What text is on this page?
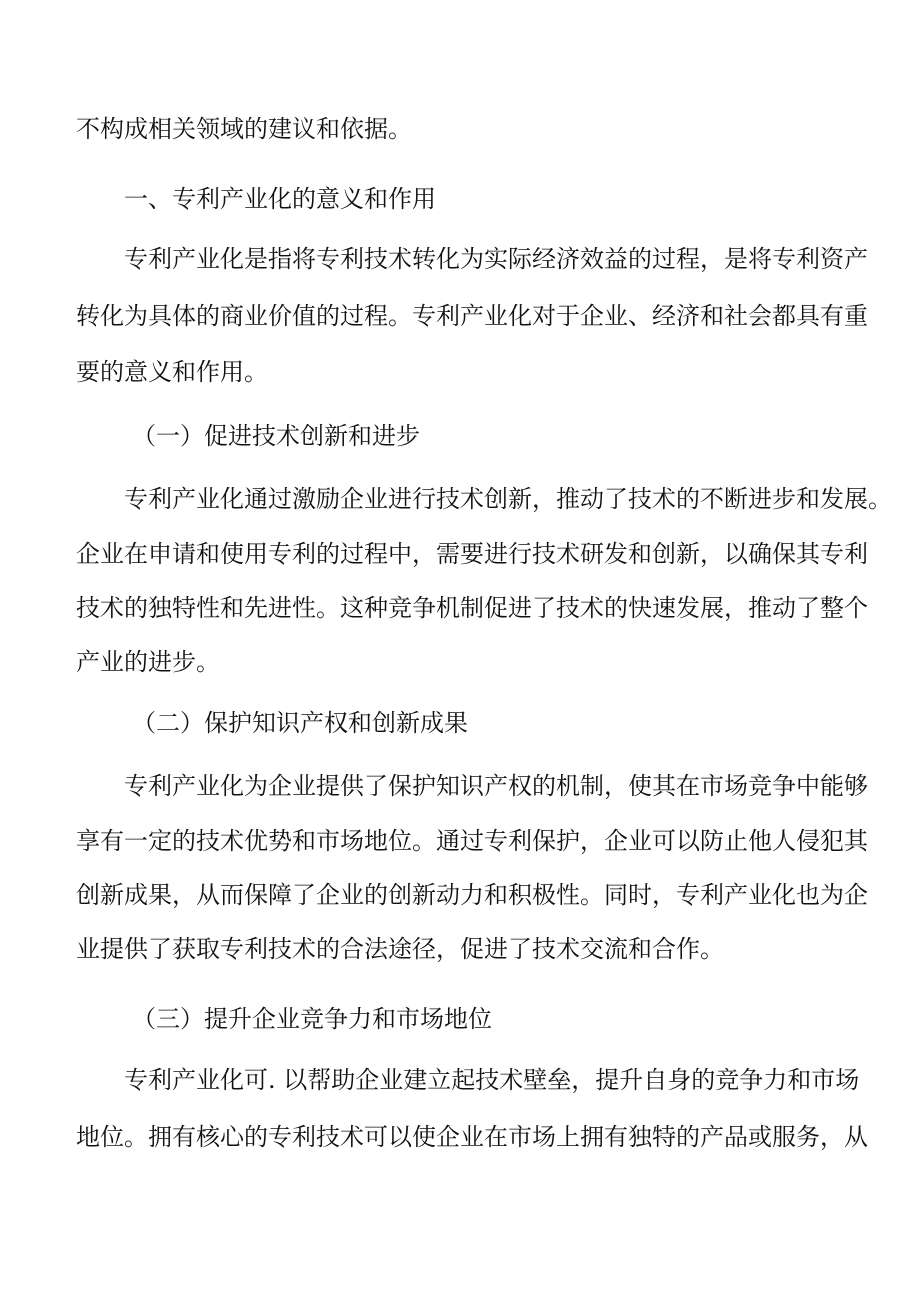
不构成相关领域的建议和依据。
一、专利产业化的意义和作用
专利产业化是指将专利技术转化为实际经济效益的过程，是将专利资产
转化为具体的商业价值的过程。专利产业化对于企业、经济和社会都具有重
要的意义和作用。
（一）促进技术创新和进步
专利产业化通过激励企业进行技术创新，推动了技术的不断进步和发展。
企业在申请和使用专利的过程中，需要进行技术研发和创新，以确保其专利
技术的独特性和先进性。这种竞争机制促进了技术的快速发展，推动了整个
产业的进步。
（二）保护知识产权和创新成果
专利产业化为企业提供了保护知识产权的机制，使其在市场竞争中能够
享有一定的技术优势和市场地位。通过专利保护，企业可以防止他人侵犯其
创新成果，从而保障了企业的创新动力和积极性。同时，专利产业化也为企
业提供了获取专利技术的合法途径，促进了技术交流和合作。
（三）提升企业竞争力和市场地位
专利产业化可. 以帮助企业建立起技术壁垒，提升自身的竞争力和市场
地位。拥有核心的专利技术可以使企业在市场上拥有独特的产品或服务，从
